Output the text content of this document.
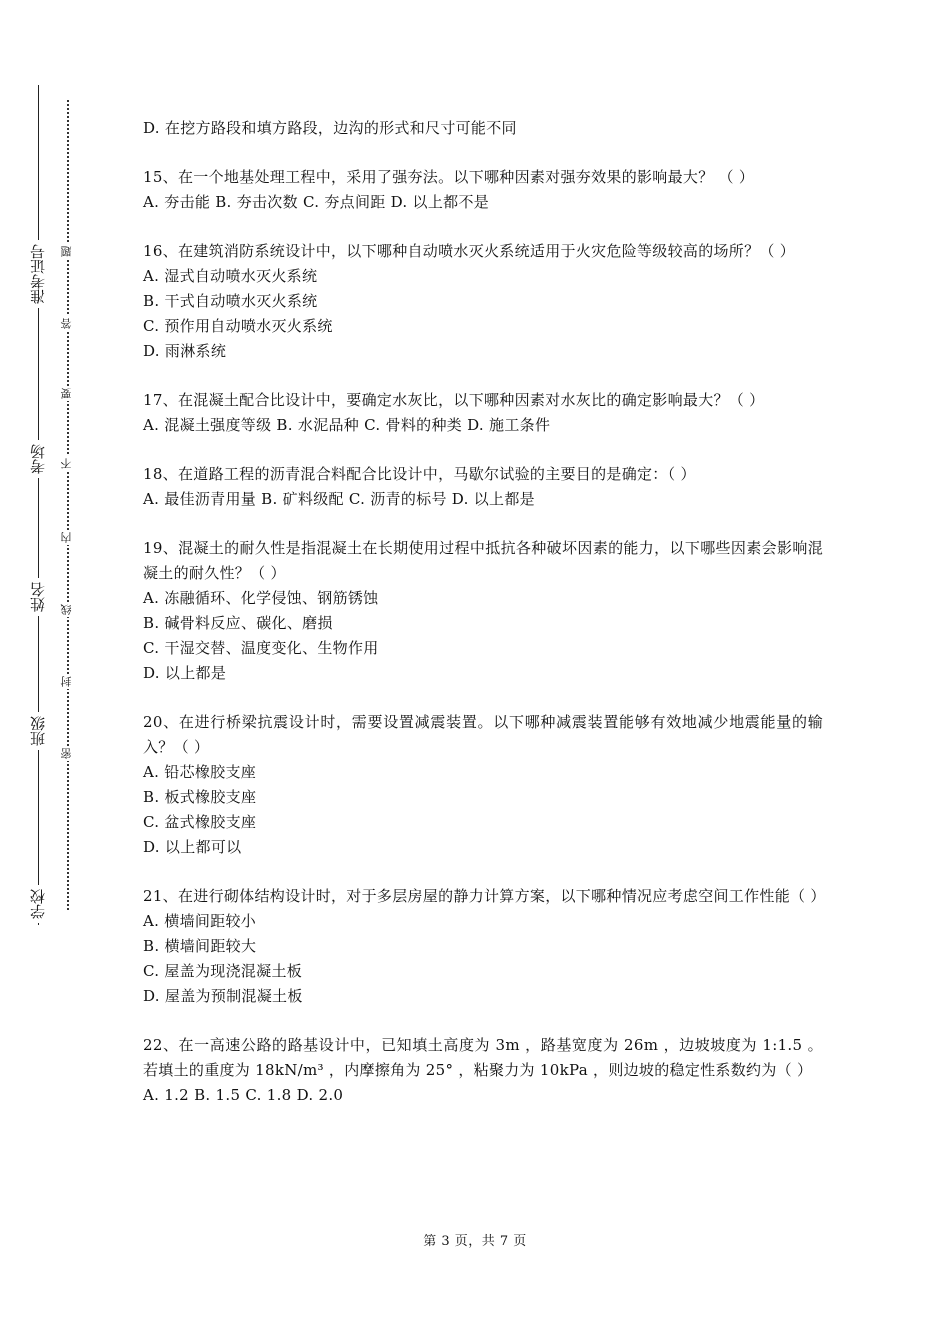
准考证号
考场
姓名
班级
学校
题
答
要
不
内
线
封
密

D. 在挖方路段和填方路段，边沟的形式和尺寸可能不同

15、在一个地基处理工程中，采用了强夯法。以下哪种因素对强夯效果的影响最大？ （ ）

A. 夯击能 B. 夯击次数 C. 夯点间距 D. 以上都不是

16、在建筑消防系统设计中，以下哪种自动喷水灭火系统适用于火灾危险等级较高的场所？（ ）

A. 湿式自动喷水灭火系统

B. 干式自动喷水灭火系统

C. 预作用自动喷水灭火系统

D. 雨淋系统

17、在混凝土配合比设计中，要确定水灰比，以下哪种因素对水灰比的确定影响最大？（ ）

A. 混凝土强度等级 B. 水泥品种 C. 骨料的种类 D. 施工条件

18、在道路工程的沥青混合料配合比设计中，马歇尔试验的主要目的是确定：（ ）

A. 最佳沥青用量 B. 矿料级配 C. 沥青的标号 D. 以上都是

19、混凝土的耐久性是指混凝土在长期使用过程中抵抗各种破坏因素的能力，以下哪些因素会影响混凝土的耐久性？（ ）

A. 冻融循环、化学侵蚀、钢筋锈蚀

B. 碱骨料反应、碳化、磨损

C. 干湿交替、温度变化、生物作用

D. 以上都是

20、在进行桥梁抗震设计时，需要设置减震装置。以下哪种减震装置能够有效地减少地震能量的输入？（ ）

A. 铅芯橡胶支座

B. 板式橡胶支座

C. 盆式橡胶支座

D. 以上都可以

21、在进行砌体结构设计时，对于多层房屋的静力计算方案，以下哪种情况应考虑空间工作性能（ ）

A. 横墙间距较小

B. 横墙间距较大

C. 屋盖为现浇混凝土板

D. 屋盖为预制混凝土板

22、在一高速公路的路基设计中，已知填土高度为 3m ，路基宽度为 26m ，边坡坡度为 1:1.5 。若填土的重度为 18kN/m³ ，内摩擦角为 25° ，粘聚力为 10kPa ，则边坡的稳定性系数约为（ ）

A. 1.2 B. 1.5 C. 1.8 D. 2.0

第 3 页，共 7 页
